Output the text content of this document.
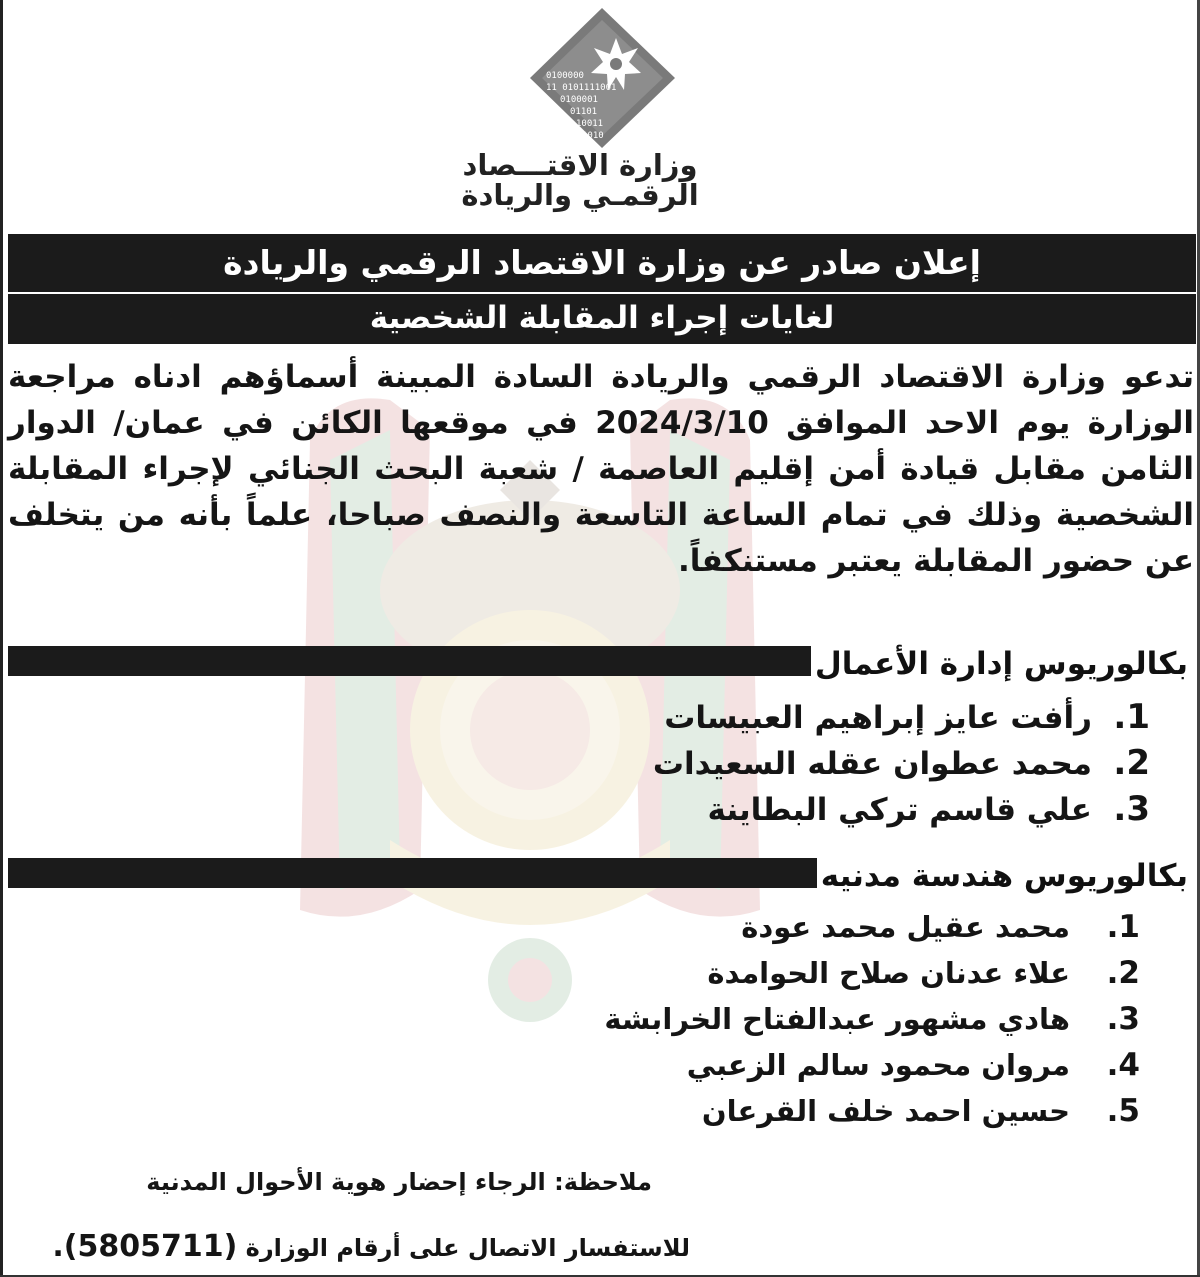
0100000
11 0101111001
0100001
01101
10011
1010
وزارة الاقتـــصاد
الرقمـي والريادة
إعلان صادر عن وزارة الاقتصاد الرقمي والريادة
لغايات إجراء المقابلة الشخصية
تدعو وزارة الاقتصاد الرقمي والريادة السادة المبينة أسماؤهم ادناه مراجعة الوزارة يوم الاحد الموافق 2024/3/10 في موقعها الكائن في عمان/ الدوار الثامن مقابل قيادة أمن إقليم العاصمة / شعبة البحث الجنائي لإجراء المقابلة الشخصية وذلك في تمام الساعة التاسعة والنصف صباحا، علماً بأنه من يتخلف عن حضور المقابلة يعتبر مستنكفاً.
بكالوريوس إدارة الأعمال
1.رأفت عايز إبراهيم العبيسات
2.محمد عطوان عقله السعيدات
3.علي قاسم تركي البطاينة
بكالوريوس هندسة مدنيه
1.محمد عقيل محمد عودة
2.علاء عدنان صلاح الحوامدة
3.هادي مشهور عبدالفتاح الخرابشة
4.مروان محمود سالم الزعبي
5.حسين احمد خلف القرعان
ملاحظة: الرجاء إحضار هوية الأحوال المدنية
للاستفسار الاتصال على أرقام الوزارة (5805711).
